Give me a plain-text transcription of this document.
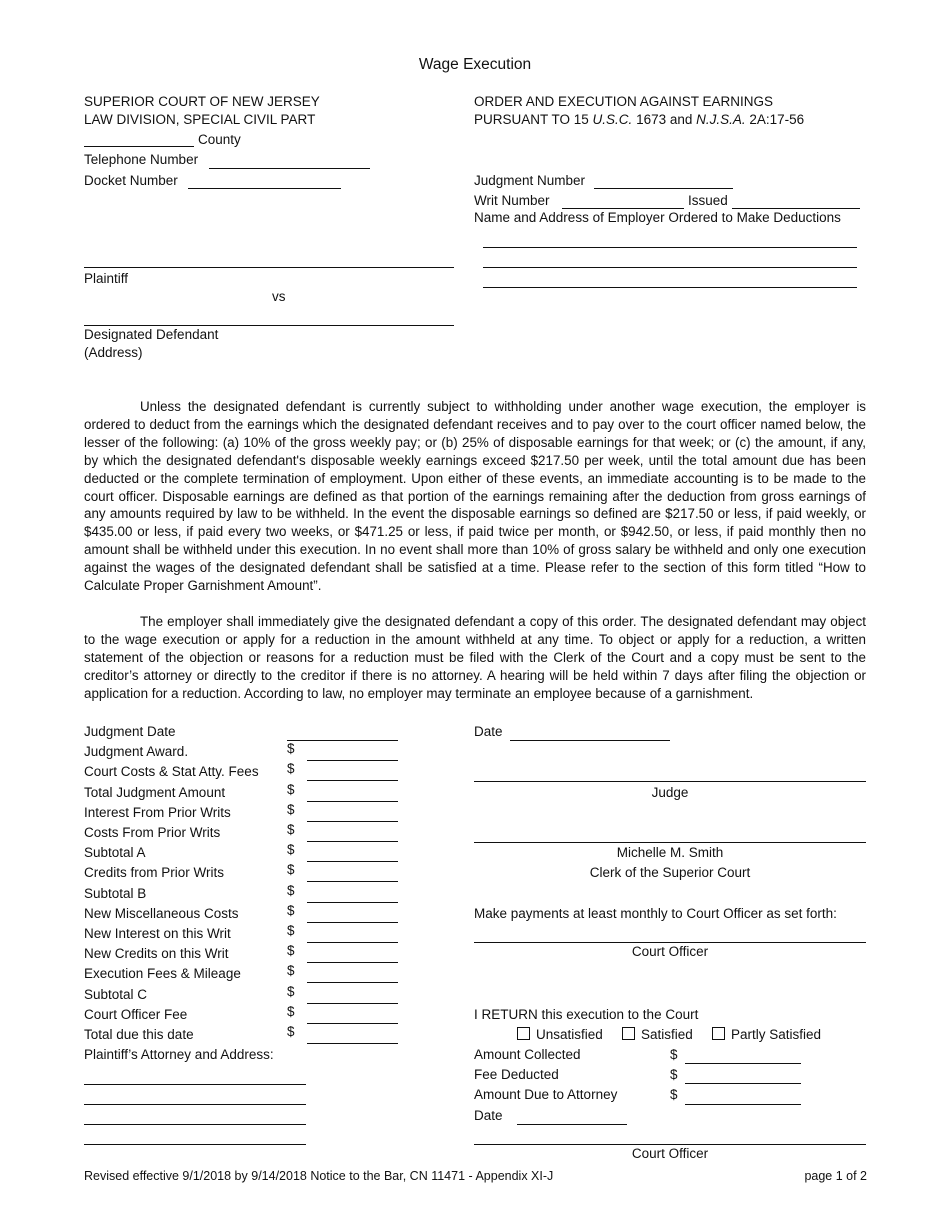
Wage Execution
SUPERIOR COURT OF NEW JERSEY
LAW DIVISION, SPECIAL CIVIL PART
County
Telephone Number
Docket Number
ORDER AND EXECUTION AGAINST EARNINGS
PURSUANT TO 15 U.S.C. 1673 and N.J.S.A. 2A:17-56
Judgment Number
Writ Number	Issued
Name and Address of Employer Ordered to Make Deductions
Plaintiff
vs
Designated Defendant
(Address)
Unless the designated defendant is currently subject to withholding under another wage execution, the employer is ordered to deduct from the earnings which the designated defendant receives and to pay over to the court officer named below, the lesser of the following: (a) 10% of the gross weekly pay; or (b) 25% of disposable earnings for that week; or (c) the amount, if any, by which the designated defendant's disposable weekly earnings exceed $217.50 per week, until the total amount due has been deducted or the complete termination of employment. Upon either of these events, an immediate accounting is to be made to the court officer. Disposable earnings are defined as that portion of the earnings remaining after the deduction from gross earnings of any amounts required by law to be withheld. In the event the disposable earnings so defined are $217.50 or less, if paid weekly, or $435.00 or less, if paid every two weeks, or $471.25 or less, if paid twice per month, or $942.50, or less, if paid monthly then no amount shall be withheld under this execution. In no event shall more than 10% of gross salary be withheld and only one execution against the wages of the designated defendant shall be satisfied at a time. Please refer to the section of this form titled “How to Calculate Proper Garnishment Amount”.
The employer shall immediately give the designated defendant a copy of this order. The designated defendant may object to the wage execution or apply for a reduction in the amount withheld at any time. To object or apply for a reduction, a written statement of the objection or reasons for a reduction must be filed with the Clerk of the Court and a copy must be sent to the creditor’s attorney or directly to the creditor if there is no attorney. A hearing will be held within 7 days after filing the objection or application for a reduction. According to law, no employer may terminate an employee because of a garnishment.
Judgment Date
Judgment Award.	$
Court Costs & Stat Atty. Fees $
Total Judgment Amount	$
Interest From Prior Writs	$
Costs From Prior Writs	$
Subtotal A	$
Credits from Prior Writs	$
Subtotal B	$
New Miscellaneous Costs	$
New Interest on this Writ	$
New Credits on this Writ	$
Execution Fees & Mileage	$
Subtotal C	$
Court Officer Fee	$
Total due this date	$
Plaintiff’s Attorney and Address:
Date
Judge
Michelle M. Smith
Clerk of the Superior Court
Make payments at least monthly to Court Officer as set forth:
Court Officer
I RETURN this execution to the Court
Unsatisfied	Satisfied	Partly Satisfied
Amount Collected	$
Fee Deducted	$
Amount Due to Attorney	$
Date
Court Officer
Revised effective 9/1/2018 by 9/14/2018 Notice to the Bar, CN 11471 - Appendix XI-J	page 1 of 2
